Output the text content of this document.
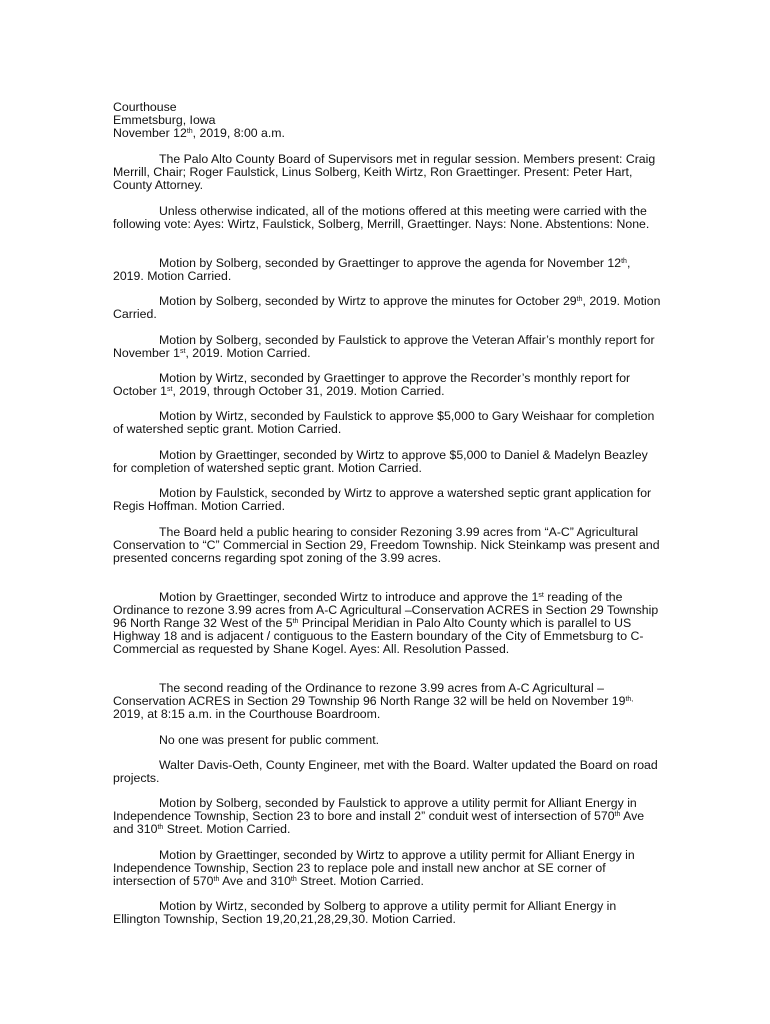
Courthouse
Emmetsburg, Iowa
November 12th, 2019, 8:00 a.m.

The Palo Alto County Board of Supervisors met in regular session. Members present: Craig Merrill, Chair; Roger Faulstick, Linus Solberg, Keith Wirtz, Ron Graettinger. Present: Peter Hart, County Attorney.

Unless otherwise indicated, all of the motions offered at this meeting were carried with the following vote: Ayes: Wirtz, Faulstick, Solberg, Merrill, Graettinger. Nays: None. Abstentions: None.

Motion by Solberg, seconded by Graettinger to approve the agenda for November 12th, 2019. Motion Carried.

Motion by Solberg, seconded by Wirtz to approve the minutes for October 29th, 2019. Motion Carried.

Motion by Solberg, seconded by Faulstick to approve the Veteran Affair’s monthly report for November 1st, 2019. Motion Carried.

Motion by Wirtz, seconded by Graettinger to approve the Recorder’s monthly report for October 1st, 2019, through October 31, 2019. Motion Carried.

Motion by Wirtz, seconded by Faulstick to approve $5,000 to Gary Weishaar for completion of watershed septic grant. Motion Carried.

Motion by Graettinger, seconded by Wirtz to approve $5,000 to Daniel & Madelyn Beazley for completion of watershed septic grant. Motion Carried.

Motion by Faulstick, seconded by Wirtz to approve a watershed septic grant application for Regis Hoffman. Motion Carried.

The Board held a public hearing to consider Rezoning 3.99 acres from “A-C” Agricultural Conservation to “C” Commercial in Section 29, Freedom Township. Nick Steinkamp was present and presented concerns regarding spot zoning of the 3.99 acres.

Motion by Graettinger, seconded Wirtz to introduce and approve the 1st reading of the Ordinance to rezone 3.99 acres from A-C Agricultural –Conservation ACRES in Section 29 Township 96 North Range 32 West of the 5th Principal Meridian in Palo Alto County which is parallel to US Highway 18 and is adjacent / contiguous to the Eastern boundary of the City of Emmetsburg to C-Commercial as requested by Shane Kogel. Ayes: All. Resolution Passed.

The second reading of the Ordinance to rezone 3.99 acres from A-C Agricultural –Conservation ACRES in Section 29 Township 96 North Range 32 will be held on November $19^{th,}$ 2019, at 8:15 a.m. in the Courthouse Boardroom.

No one was present for public comment.

Walter Davis-Oeth, County Engineer, met with the Board. Walter updated the Board on road projects.

Motion by Solberg, seconded by Faulstick to approve a utility permit for Alliant Energy in Independence Township, Section 23 to bore and install 2” conduit west of intersection of 570th Ave and 310th Street. Motion Carried.

Motion by Graettinger, seconded by Wirtz to approve a utility permit for Alliant Energy in Independence Township, Section 23 to replace pole and install new anchor at SE corner of intersection of 570th Ave and 310th Street. Motion Carried.

Motion by Wirtz, seconded by Solberg to approve a utility permit for Alliant Energy in Ellington Township, Section 19,20,21,28,29,30. Motion Carried.
